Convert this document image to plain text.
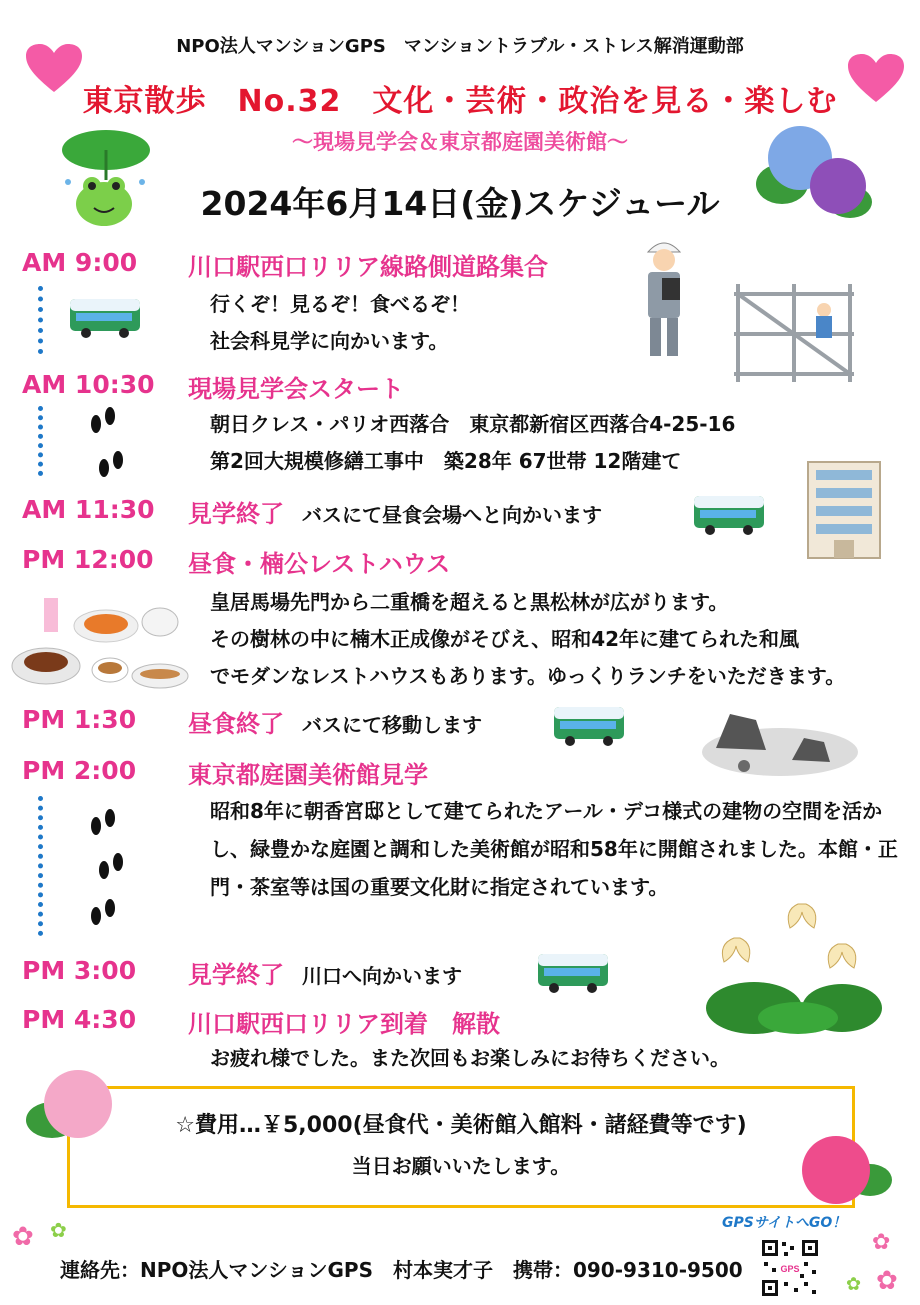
NPO法人マンションGPS　マンショントラブル・ストレス解消運動部
東京散歩　No.32　文化・芸術・政治を見る・楽しむ
～現場見学会＆東京都庭園美術館～
2024年6月14日(金)スケジュール
AM 9:00 川口駅西口リリア線路側道路集合
行くぞ！見るぞ！食べるぞ！
社会科見学に向かいます。
AM 10:30 現場見学会スタート
朝日クレス・パリオ西落合　東京都新宿区西落合4-25-16
第2回大規模修繕工事中　築28年 67世帯 12階建て
AM 11:30 見学終了 バスにて昼食会場へと向かいます
PM 12:00 昼食・楠公レストハウス
皇居馬場先門から二重橋を超えると黒松林が広がります。
その樹林の中に楠木正成像がそびえ、昭和42年に建てられた和風
でモダンなレストハウスもあります。ゆっくりランチをいただきます。
PM 1:30 昼食終了 バスにて移動します
PM 2:00 東京都庭園美術館見学
昭和8年に朝香宮邸として建てられたアール・デコ様式の建物の空間を活かし、緑豊かな庭園と調和した美術館が昭和58年に開館されました。本館・正門・茶室等は国の重要文化財に指定されています。
PM 3:00 見学終了 川口へ向かいます
PM 4:30 川口駅西口リリア到着　解散
お疲れ様でした。また次回もお楽しみにお待ちください。
☆費用…￥5,000(昼食代・美術館入館料・諸経費等です)
当日お願いいたします。
✿ ✿	✿
✿
✿
連絡先：NPO法人マンションGPS　村本実才子　携帯：090-9310-9500
GPSサイトへGO！
GPS
